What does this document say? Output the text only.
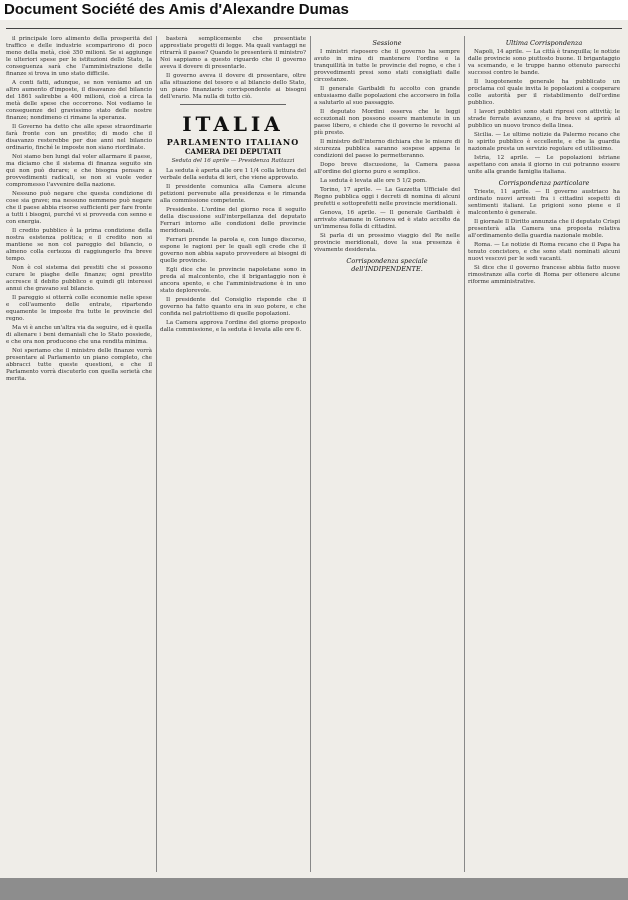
Document Société des Amis d'Alexandre Dumas

il principale loro alimento della prosperità del traffico e delle industrie scomparirono di poco meno della metà, cioè 350 milioni. Se si aggiunge le ulteriori spese per le istituzioni dello Stato, la conseguenza sarà che l'amministrazione delle finanze si trova in uno stato difficile.

A conti fatti, adunque, se non veniamo ad un altro aumento d'imposte, il disavanzo del bilancio del 1861 salirebbe a 400 milioni, cioè a circa la metà delle spese che occorrono. Noi vediamo le conseguenze del gravissimo stato delle nostre finanze; nondimeno ci rimane la speranza.

Il Governo ha detto che alle spese straordinarie farà fronte con un prestito; di modo che il disavanzo resterebbe per due anni nel bilancio ordinario, finché le imposte non siano riordinate.

Noi siamo ben lungi dal voler allarmare il paese, ma diciamo che il sistema di finanza seguito sin qui non può durare; e che bisogna pensare a provvedimenti radicali, se non si vuole veder compromesso l'avvenire della nazione.

Nessuno può negare che questa condizione di cose sia grave; ma nessuno nemmeno può negare che il paese abbia risorse sufficienti per fare fronte a tutti i bisogni, purché vi si provveda con senno e con energia.

Il credito pubblico è la prima condizione della nostra esistenza politica; e il credito non si mantiene se non col pareggio del bilancio, o almeno colla certezza di raggiungerlo fra breve tempo.

Non è col sistema dei prestiti che si possono curare le piaghe delle finanze; ogni prestito accresce il debito pubblico e quindi gli interessi annui che gravano sul bilancio.

Il pareggio si otterrà colle economie nelle spese e coll'aumento delle entrate, ripartendo equamente le imposte fra tutte le provincie del regno.

Ma vi è anche un'altra via da seguire, ed è quella di alienare i beni demaniali che lo Stato possiede, e che ora non producono che una rendita minima.

Noi speriamo che il ministro delle finanze vorrà presentare al Parlamento un piano completo, che abbracci tutte queste questioni, e che il Parlamento vorrà discuterlo con quella serietà che merita.

basterà semplicemente che presentiate apprestiate progetti di legge. Ma quali vantaggi ne ritrarrà il paese? Quando le presenterà il ministro? Noi sappiamo a questo riguardo che il governo aveva il dovere di presentarle.

Il governo aveva il dovere di presentare, oltre alla situazione del tesoro e al bilancio dello Stato, un piano finanziario corrispondente ai bisogni dell'erario. Ma nulla di tutto ciò.

ITALIA
PARLAMENTO ITALIANO
CAMERA DEI DEPUTATI
Seduta del 16 aprile — Presidenza Rattazzi

La seduta è aperta alle ore 1 1/4 colla lettura del verbale della seduta di ieri, che viene approvato.

Il presidente comunica alla Camera alcune petizioni pervenute alla presidenza e le rimanda alla commissione competente.

Presidente. L'ordine del giorno reca il seguito della discussione sull'interpellanza del deputato Ferrari intorno alle condizioni delle provincie meridionali.

Ferrari prende la parola e, con lungo discorso, espone le ragioni per le quali egli crede che il governo non abbia saputo provvedere ai bisogni di quelle provincie.

Egli dice che le provincie napoletane sono in preda al malcontento, che il brigantaggio non è ancora spento, e che l'amministrazione è in uno stato deplorevole.

Il presidente del Consiglio risponde che il governo ha fatto quanto era in suo potere, e che confida nel patriottismo di quelle popolazioni.

La Camera approva l'ordine del giorno proposto dalla commissione, e la seduta è levata alle ore 6.

Sessione

I ministri risposero che il governo ha sempre avuto in mira di mantenere l'ordine e la tranquillità in tutte le provincie del regno, e che i provvedimenti presi sono stati consigliati dalle circostanze.

Il generale Garibaldi fu accolto con grande entusiasmo dalle popolazioni che accorsero in folla a salutarlo al suo passaggio.

Il deputato Mordini osserva che le leggi eccezionali non possono essere mantenute in un paese libero, e chiede che il governo le revochi al più presto.

Il ministro dell'interno dichiara che le misure di sicurezza pubblica saranno sospese appena le condizioni del paese lo permetteranno.

Dopo breve discussione, la Camera passa all'ordine del giorno puro e semplice.

La seduta è levata alle ore 5 1/2 pom.

Torino, 17 aprile. — La Gazzetta Ufficiale del Regno pubblica oggi i decreti di nomina di alcuni prefetti e sottoprefetti nelle provincie meridionali.

Genova, 16 aprile. — Il generale Garibaldi è arrivato stamane in Genova ed è stato accolto da un'immensa folla di cittadini.

Si parla di un prossimo viaggio del Re nelle provincie meridionali, dove la sua presenza è vivamente desiderata.

Corrispondenza speciale dell'INDIPENDENTE.
Ultima Corrispondenza

Napoli, 14 aprile. — La città è tranquilla; le notizie dalle provincie sono piuttosto buone. Il brigantaggio va scemando, e le truppe hanno ottenuto parecchi successi contro le bande.

Il luogotenente generale ha pubblicato un proclama col quale invita le popolazioni a cooperare colle autorità per il ristabilimento dell'ordine pubblico.

I lavori pubblici sono stati ripresi con attività; le strade ferrate avanzano, e fra breve si aprirà al pubblico un nuovo tronco della linea.

Sicilia. — Le ultime notizie da Palermo recano che lo spirito pubblico è eccellente, e che la guardia nazionale presta un servizio regolare ed utilissimo.

Istria, 12 aprile. — Le popolazioni istriane aspettano con ansia il giorno in cui potranno essere unite alla grande famiglia italiana.

Corrispondenza particolare

Trieste, 11 aprile. — Il governo austriaco ha ordinato nuovi arresti fra i cittadini sospetti di sentimenti italiani. Le prigioni sono piene e il malcontento è generale.

Il giornale Il Diritto annunzia che il deputato Crispi presenterà alla Camera una proposta relativa all'ordinamento della guardia nazionale mobile.

Roma. — Le notizie di Roma recano che il Papa ha tenuto concistoro, e che sono stati nominati alcuni nuovi vescovi per le sedi vacanti.

Si dice che il governo francese abbia fatto nuove rimostranze alla corte di Roma per ottenere alcune riforme amministrative.
